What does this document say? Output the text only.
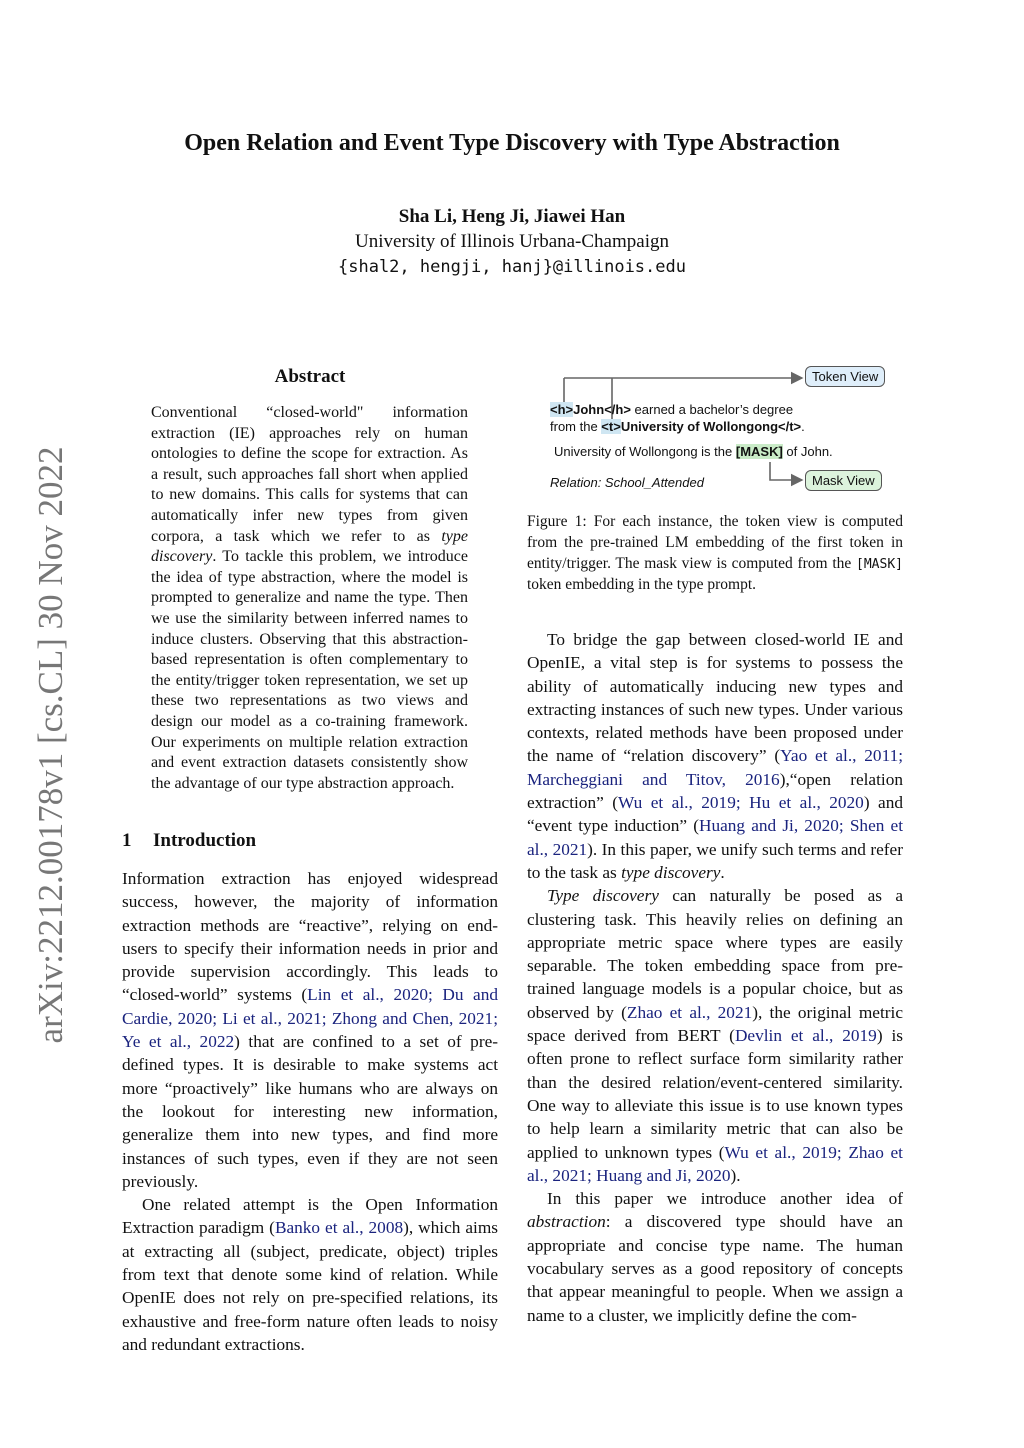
arXiv:2212.00178v1 [cs.CL] 30 Nov 2022
Open Relation and Event Type Discovery with Type Abstraction
Sha Li, Heng Ji, Jiawei Han
University of Illinois Urbana-Champaign
{shal2, hengji, hanj}@illinois.edu
Abstract
Conventional “closed-world" information extraction (IE) approaches rely on human ontologies to define the scope for extraction. As a result, such approaches fall short when applied to new domains. This calls for systems that can automatically infer new types from given corpora, a task which we refer to as type discovery. To tackle this problem, we introduce the idea of type abstraction, where the model is prompted to generalize and name the type. Then we use the similarity between inferred names to induce clusters. Observing that this abstraction-based representation is often complementary to the entity/trigger token representation, we set up these two representations as two views and design our model as a co-training framework. Our experiments on multiple relation extraction and event extraction datasets consistently show the advantage of our type abstraction approach.
1 Introduction

Information extraction has enjoyed widespread success, however, the majority of information extraction methods are “reactive”, relying on end-users to specify their information needs in prior and provide supervision accordingly. This leads to “closed-world” systems (Lin et al., 2020; Du and Cardie, 2020; Li et al., 2021; Zhong and Chen, 2021; Ye et al., 2022) that are confined to a set of pre-defined types. It is desirable to make systems act more “proactively” like humans who are always on the lookout for interesting new information, generalize them into new types, and find more instances of such types, even if they are not seen previously.

One related attempt is the Open Information Extraction paradigm (Banko et al., 2008), which aims at extracting all (subject, predicate, object) triples from text that denote some kind of relation. While OpenIE does not rely on pre-specified relations, its exhaustive and free-form nature often leads to noisy and redundant extractions.

Token View
Mask View
<h>John</h> earned a bachelor’s degree
from the <t>University of Wollongong</t>.
University of Wollongong is the [MASK] of John.
Relation: School_Attended
Figure 1: For each instance, the token view is computed from the pre-trained LM embedding of the first token in entity/trigger. The mask view is computed from the [MASK] token embedding in the type prompt.

To bridge the gap between closed-world IE and OpenIE, a vital step is for systems to possess the ability of automatically inducing new types and extracting instances of such new types. Under various contexts, related methods have been proposed under the name of “relation discovery” (Yao et al., 2011; Marcheggiani and Titov, 2016),“open relation extraction” (Wu et al., 2019; Hu et al., 2020) and “event type induction” (Huang and Ji, 2020; Shen et al., 2021). In this paper, we unify such terms and refer to the task as type discovery.

Type discovery can naturally be posed as a clustering task. This heavily relies on defining an appropriate metric space where types are easily separable. The token embedding space from pre-trained language models is a popular choice, but as observed by (Zhao et al., 2021), the original metric space derived from BERT (Devlin et al., 2019) is often prone to reflect surface form similarity rather than the desired relation/event-centered similarity. One way to alleviate this issue is to use known types to help learn a similarity metric that can also be applied to unknown types (Wu et al., 2019; Zhao et al., 2021; Huang and Ji, 2020).

In this paper we introduce another idea of abstraction: a discovered type should have an appropriate and concise type name. The human vocabulary serves as a good repository of concepts that appear meaningful to people. When we assign a name to a cluster, we implicitly define the com-
